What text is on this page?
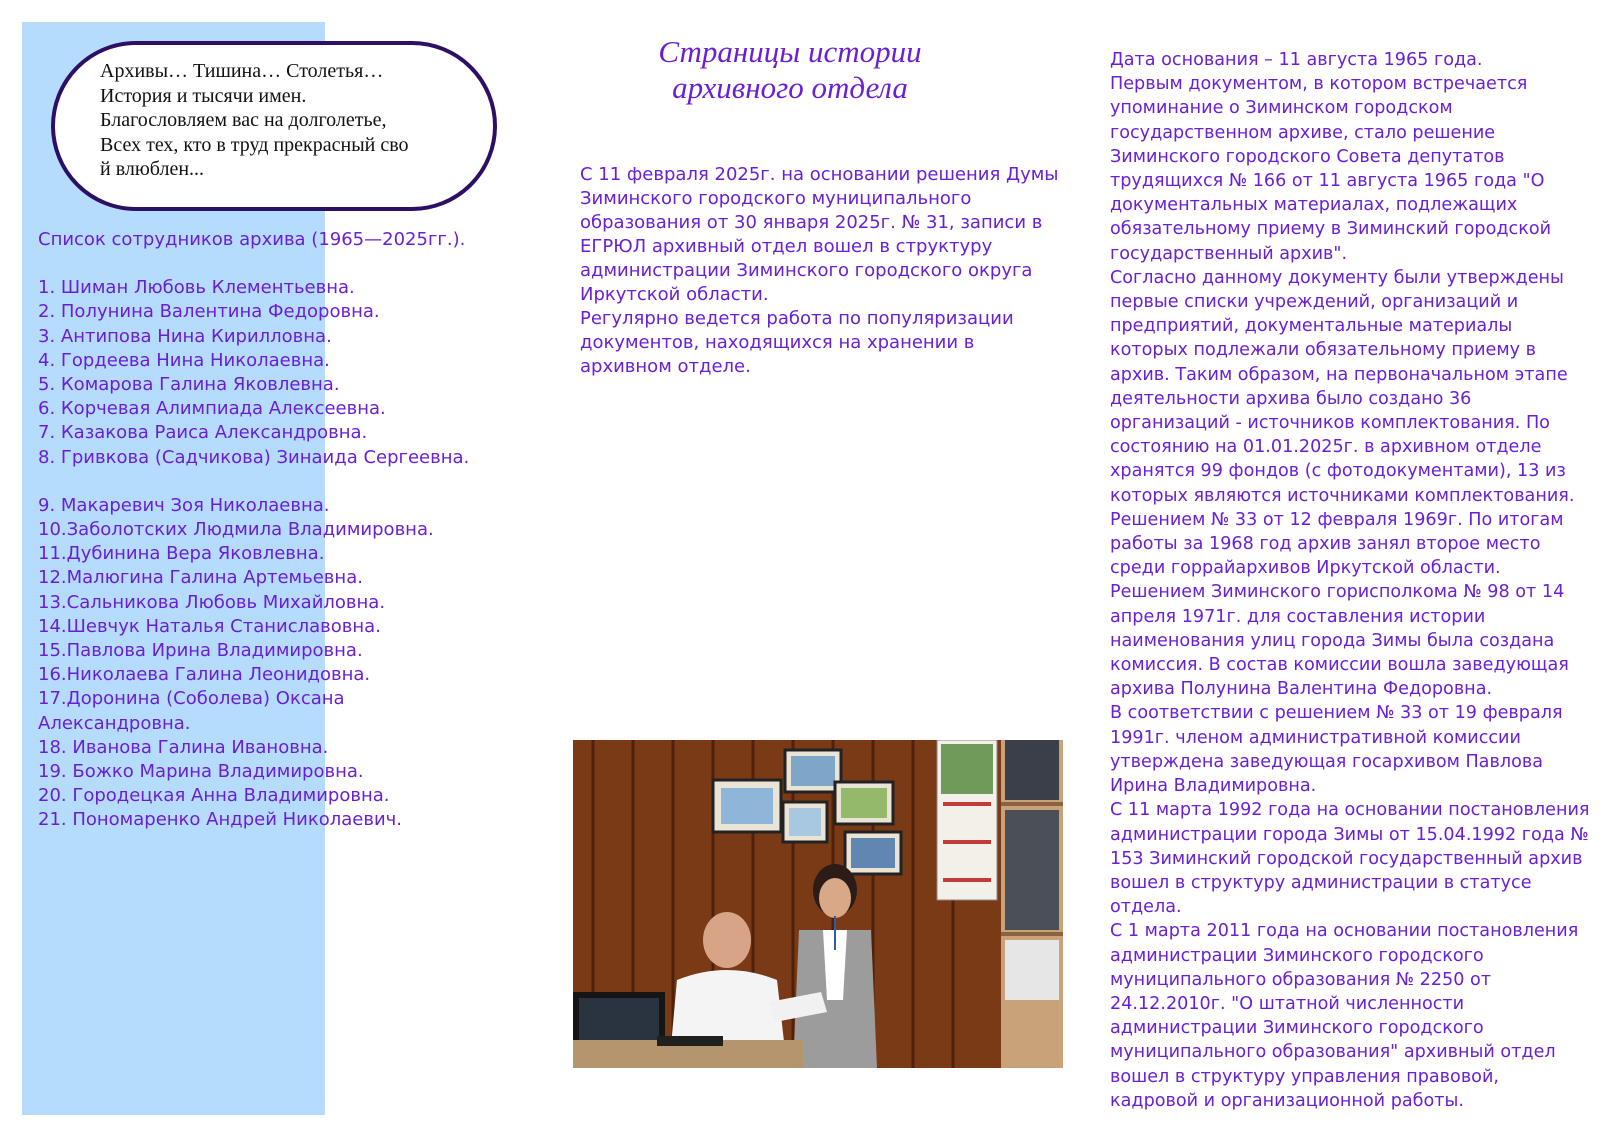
Архивы… Тишина… Столетья…
История и тысячи имен.
Благословляем вас на долголетье,
Всех тех, кто в труд прекрасный сво
й влюблен...
Список сотрудников архива (1965—2025гг.).
1. Шиман Любовь Клементьевна.
2. Полунина Валентина Федоровна.
3. Антипова Нина Кирилловна.
4. Гордеева Нина Николаевна.
5. Комарова Галина Яковлевна.
6. Корчевая Алимпиада Алексеевна.
7. Казакова Раиса Александровна.
8. Гривкова (Садчикова) Зинаида Сергеевна.
9. Макаревич Зоя Николаевна.
10.Заболотских Людмила Владимировна.
11.Дубинина Вера Яковлевна.
12.Малюгина Галина Артемьевна.
13.Сальникова Любовь Михайловна.
14.Шевчук Наталья Станиславовна.
15.Павлова Ирина Владимировна.
16.Николаева Галина Леонидовна.
17.Доронина (Соболева) Оксана Александровна.
18. Иванова Галина Ивановна.
19. Божко Марина Владимировна.
20. Городецкая Анна Владимировна.
21. Пономаренко Андрей Николаевич.
Страницы истории
архивного отдела

С 11 февраля 2025г. на основании решения Думы Зиминского городского муниципального образования от 30 января 2025г. № 31, записи в ЕГРЮЛ архивный отдел вошел в структуру администрации Зиминского городского округа Иркутской области.

Регулярно ведется работа по популяризации документов, находящихся на хранении в архивном отделе.

Дата основания – 11 августа 1965 года.

Первым документом, в котором встречается упоминание о Зиминском городском государственном архиве, стало решение Зиминского городского Совета депутатов трудящихся № 166 от 11 августа 1965 года "О документальных материалах, подлежащих обязательному приему в Зиминский городской государственный архив".

Согласно данному документу были утверждены первые списки учреждений, организаций и предприятий, документальные материалы которых подлежали обязательному приему в архив. Таким образом, на первоначальном этапе деятельности архива было создано 36 организаций - источников комплектования. По состоянию на 01.01.2025г. в архивном отделе хранятся 99 фондов (с фотодокументами), 13 из которых являются источниками комплектования.

Решением № 33 от 12 февраля 1969г. По итогам работы за 1968 год архив занял второе место среди горрайархивов Иркутской области.

Решением Зиминского горисполкома № 98 от 14 апреля 1971г. для составления истории наименования улиц города Зимы была создана комиссия. В состав комиссии вошла заведующая архива Полунина Валентина Федоровна.

В соответствии с решением № 33 от 19 февраля 1991г. членом административной комиссии утверждена заведующая госархивом Павлова Ирина Владимировна.

С 11 марта 1992 года на основании постановления администрации города Зимы от 15.04.1992 года № 153 Зиминский городской государственный архив вошел в структуру администрации в статусе отдела.

С 1 марта 2011 года на основании постановления администрации Зиминского городского муниципального образования № 2250 от 24.12.2010г. "О штатной численности администрации Зиминского городского муниципального образования" архивный отдел вошел в структуру управления правовой, кадровой и организационной работы.
